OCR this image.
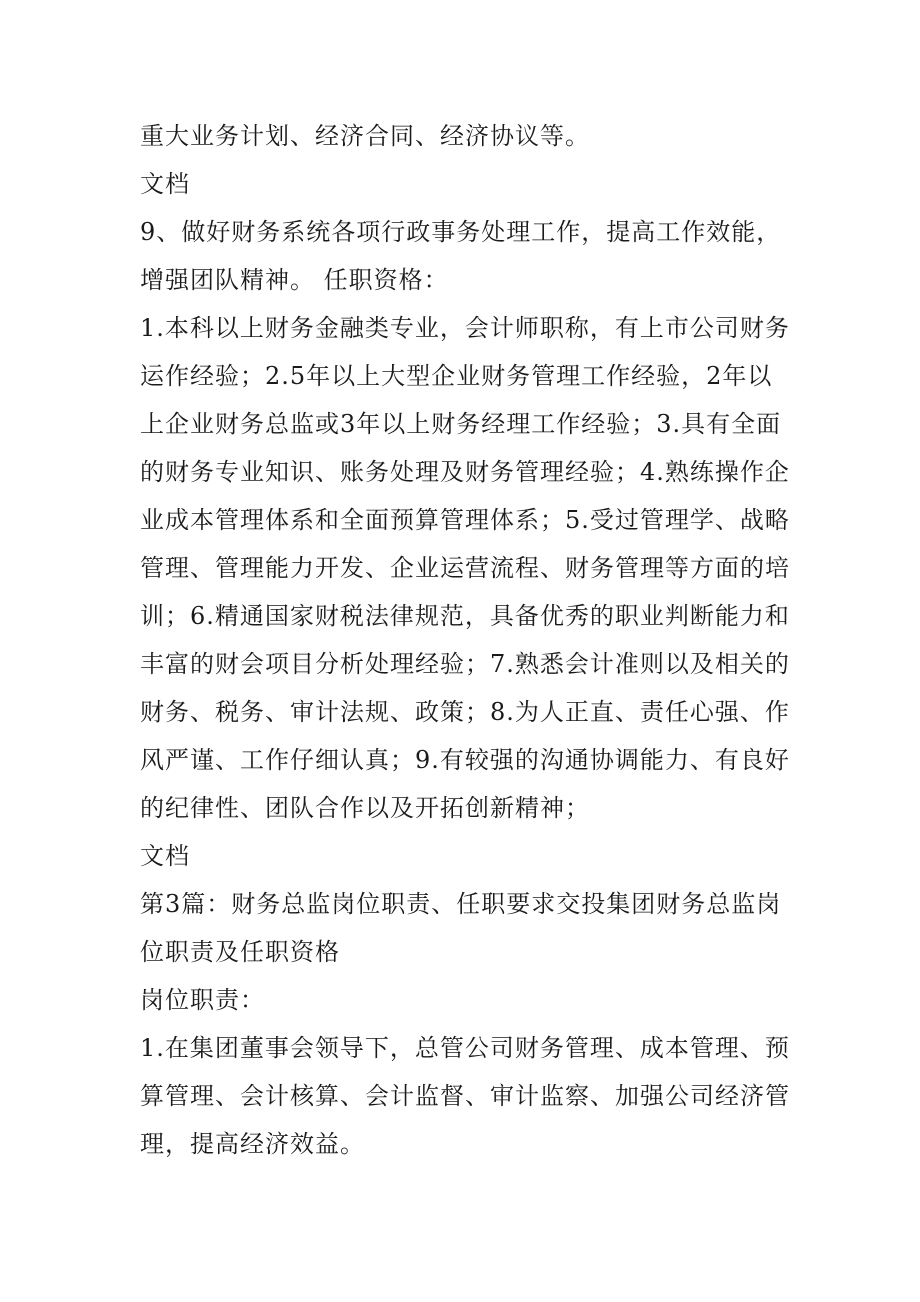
重大业务计划、经济合同、经济协议等。

文档

9、做好财务系统各项行政事务处理工作，提高工作效能，增强团队精神。 任职资格：

1.本科以上财务金融类专业，会计师职称，有上市公司财务运作经验；2.5年以上大型企业财务管理工作经验，2年以上企业财务总监或3年以上财务经理工作经验；3.具有全面的财务专业知识、账务处理及财务管理经验；4.熟练操作企业成本管理体系和全面预算管理体系；5.受过管理学、战略管理、管理能力开发、企业运营流程、财务管理等方面的培训；6.精通国家财税法律规范，具备优秀的职业判断能力和丰富的财会项目分析处理经验；7.熟悉会计准则以及相关的财务、税务、审计法规、政策；8.为人正直、责任心强、作风严谨、工作仔细认真；9.有较强的沟通协调能力、有良好的纪律性、团队合作以及开拓创新精神；

文档

第3篇：财务总监岗位职责、任职要求交投集团财务总监岗位职责及任职资格

岗位职责：

1.在集团董事会领导下，总管公司财务管理、成本管理、预算管理、会计核算、会计监督、审计监察、加强公司经济管理，提高经济效益。
